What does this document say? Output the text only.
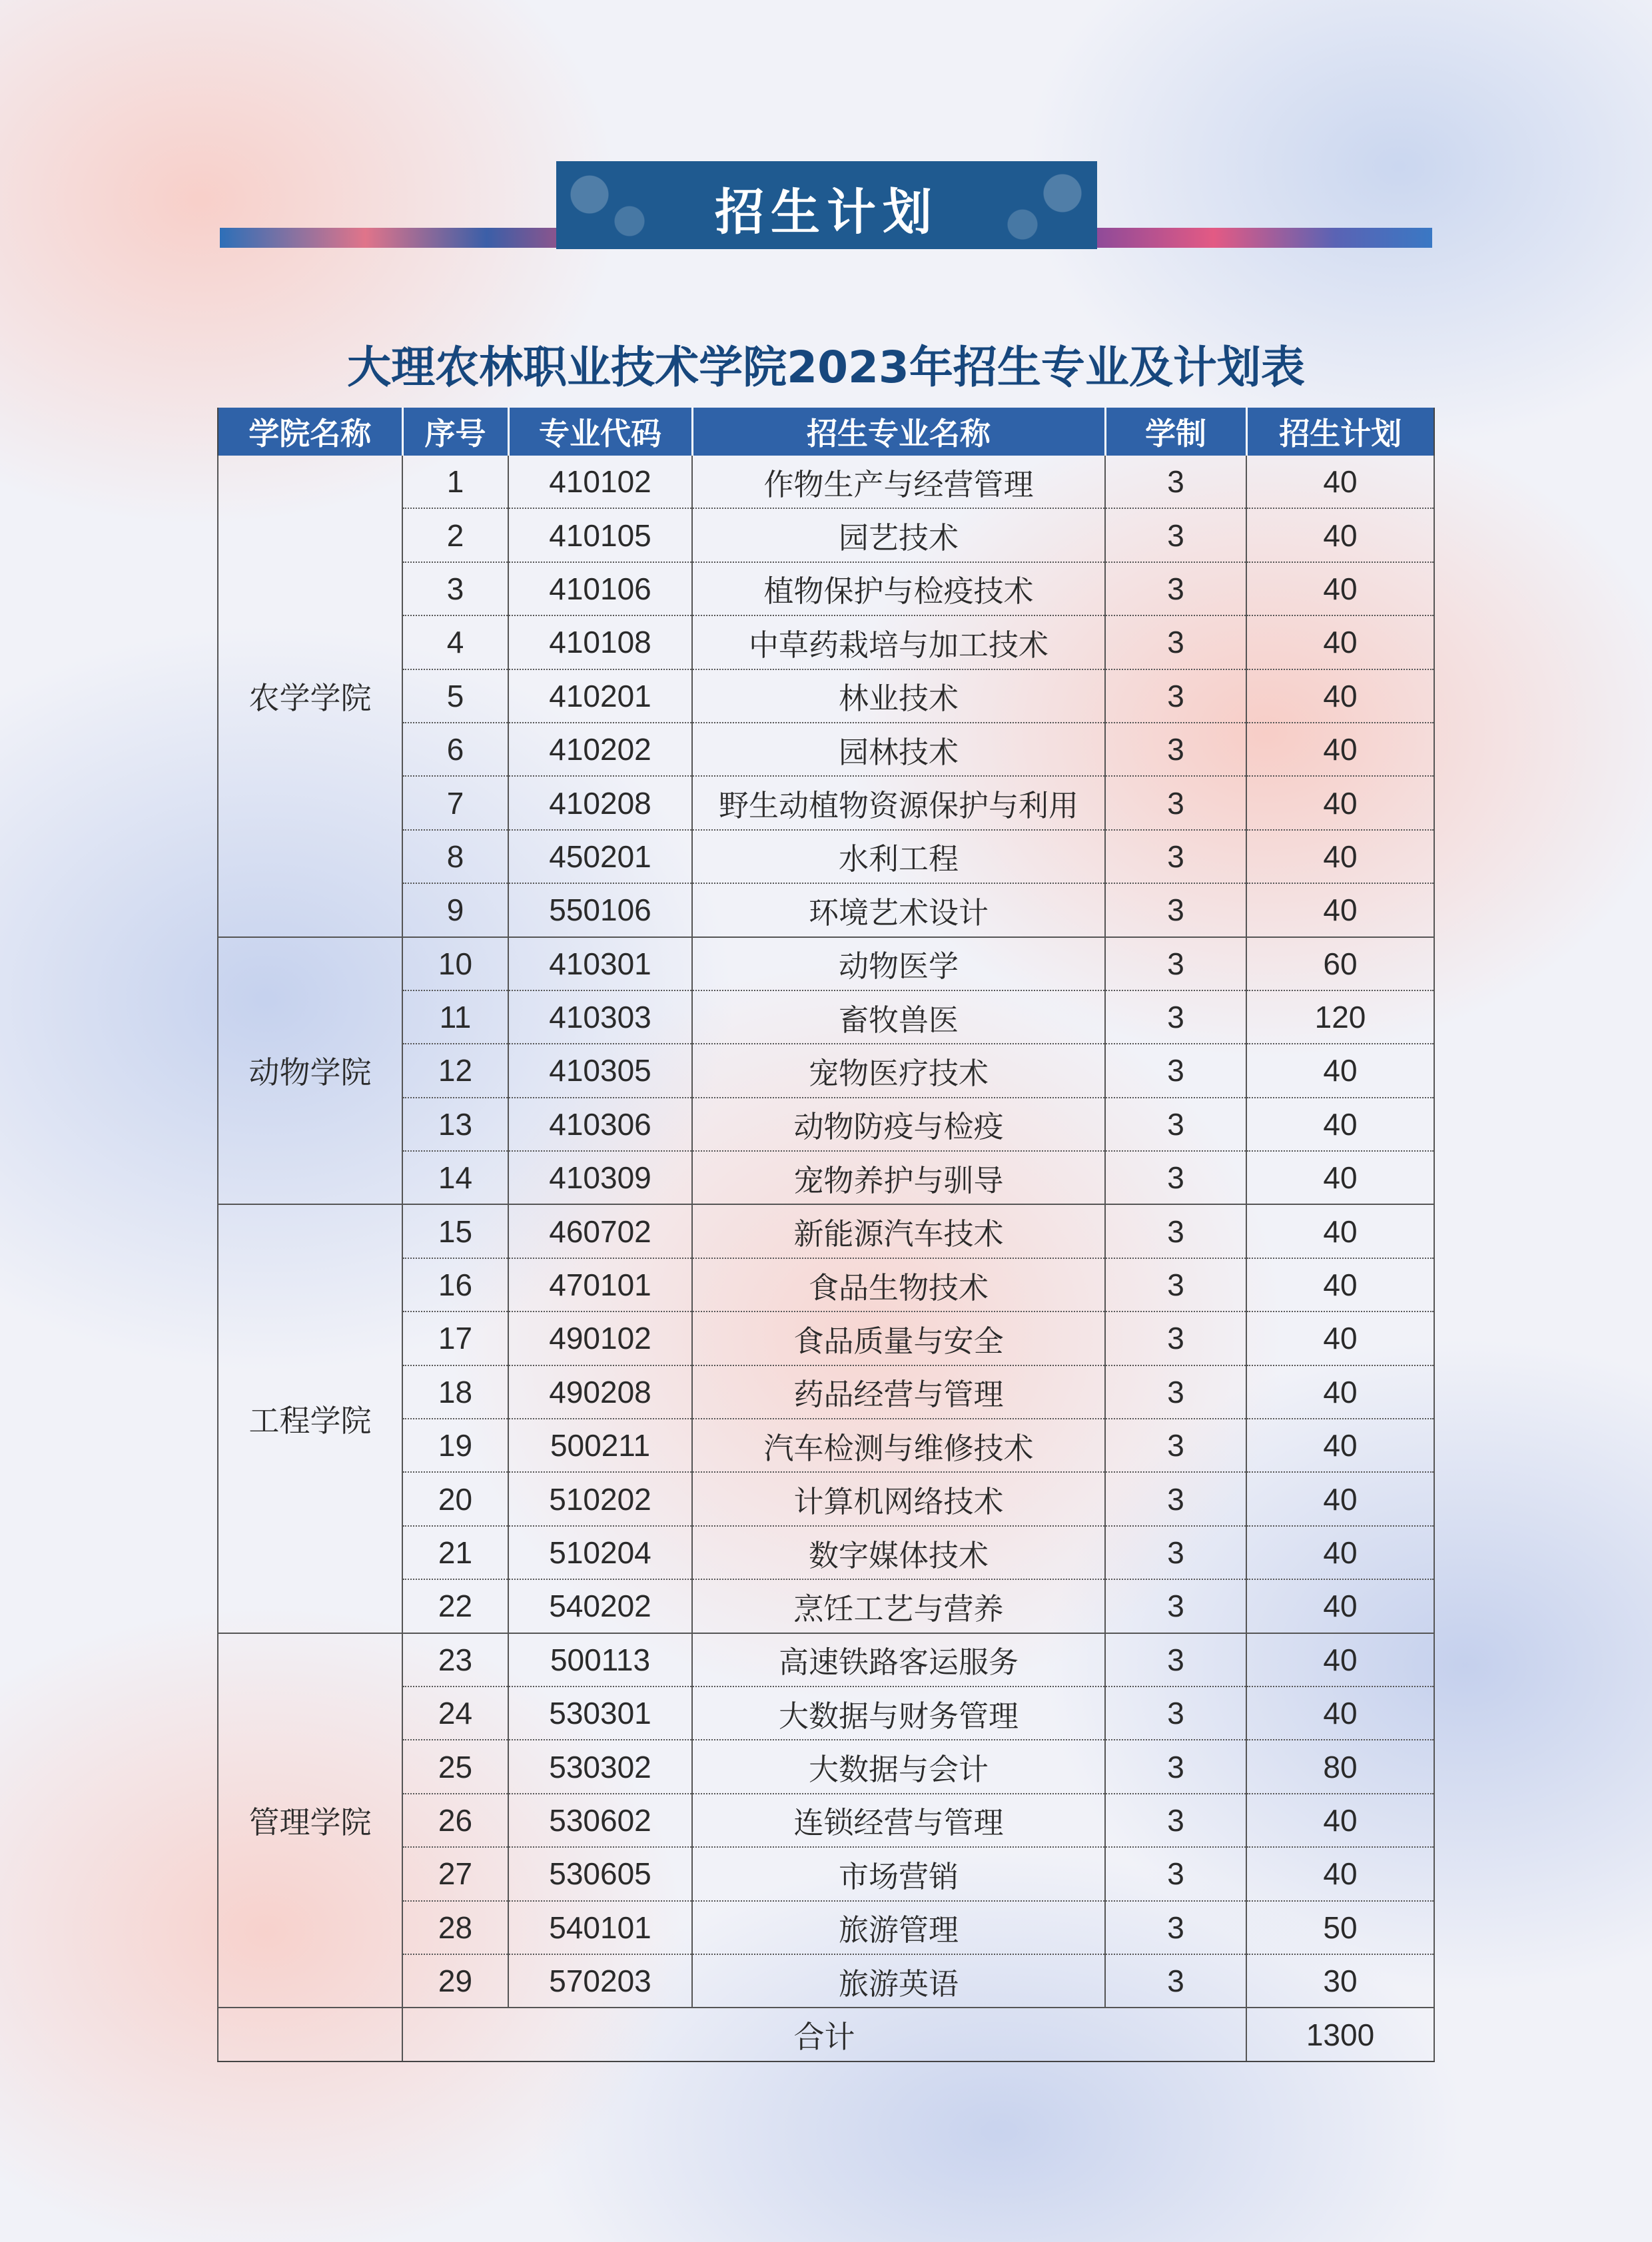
招生计划
大理农林职业技术学院2023年招生专业及计划表
学院名称	序号	专业代码	招生专业名称	学制	招生计划
农学学院	1	410102	作物生产与经营管理	3	40
	2	410105	园艺技术	3	40
	3	410106	植物保护与检疫技术	3	40
	4	410108	中草药栽培与加工技术	3	40
	5	410201	林业技术	3	40
	6	410202	园林技术	3	40
	7	410208	野生动植物资源保护与利用	3	40
	8	450201	水利工程	3	40
	9	550106	环境艺术设计	3	40
动物学院	10	410301	动物医学	3	60
	11	410303	畜牧兽医	3	120
	12	410305	宠物医疗技术	3	40
	13	410306	动物防疫与检疫	3	40
	14	410309	宠物养护与驯导	3	40
工程学院	15	460702	新能源汽车技术	3	40
	16	470101	食品生物技术	3	40
	17	490102	食品质量与安全	3	40
	18	490208	药品经营与管理	3	40
	19	500211	汽车检测与维修技术	3	40
	20	510202	计算机网络技术	3	40
	21	510204	数字媒体技术	3	40
	22	540202	烹饪工艺与营养	3	40
管理学院	23	500113	高速铁路客运服务	3	40
	24	530301	大数据与财务管理	3	40
	25	530302	大数据与会计	3	80
	26	530602	连锁经营与管理	3	40
	27	530605	市场营销	3	40
	28	540101	旅游管理	3	50
	29	570203	旅游英语	3	30
	合计				1300
